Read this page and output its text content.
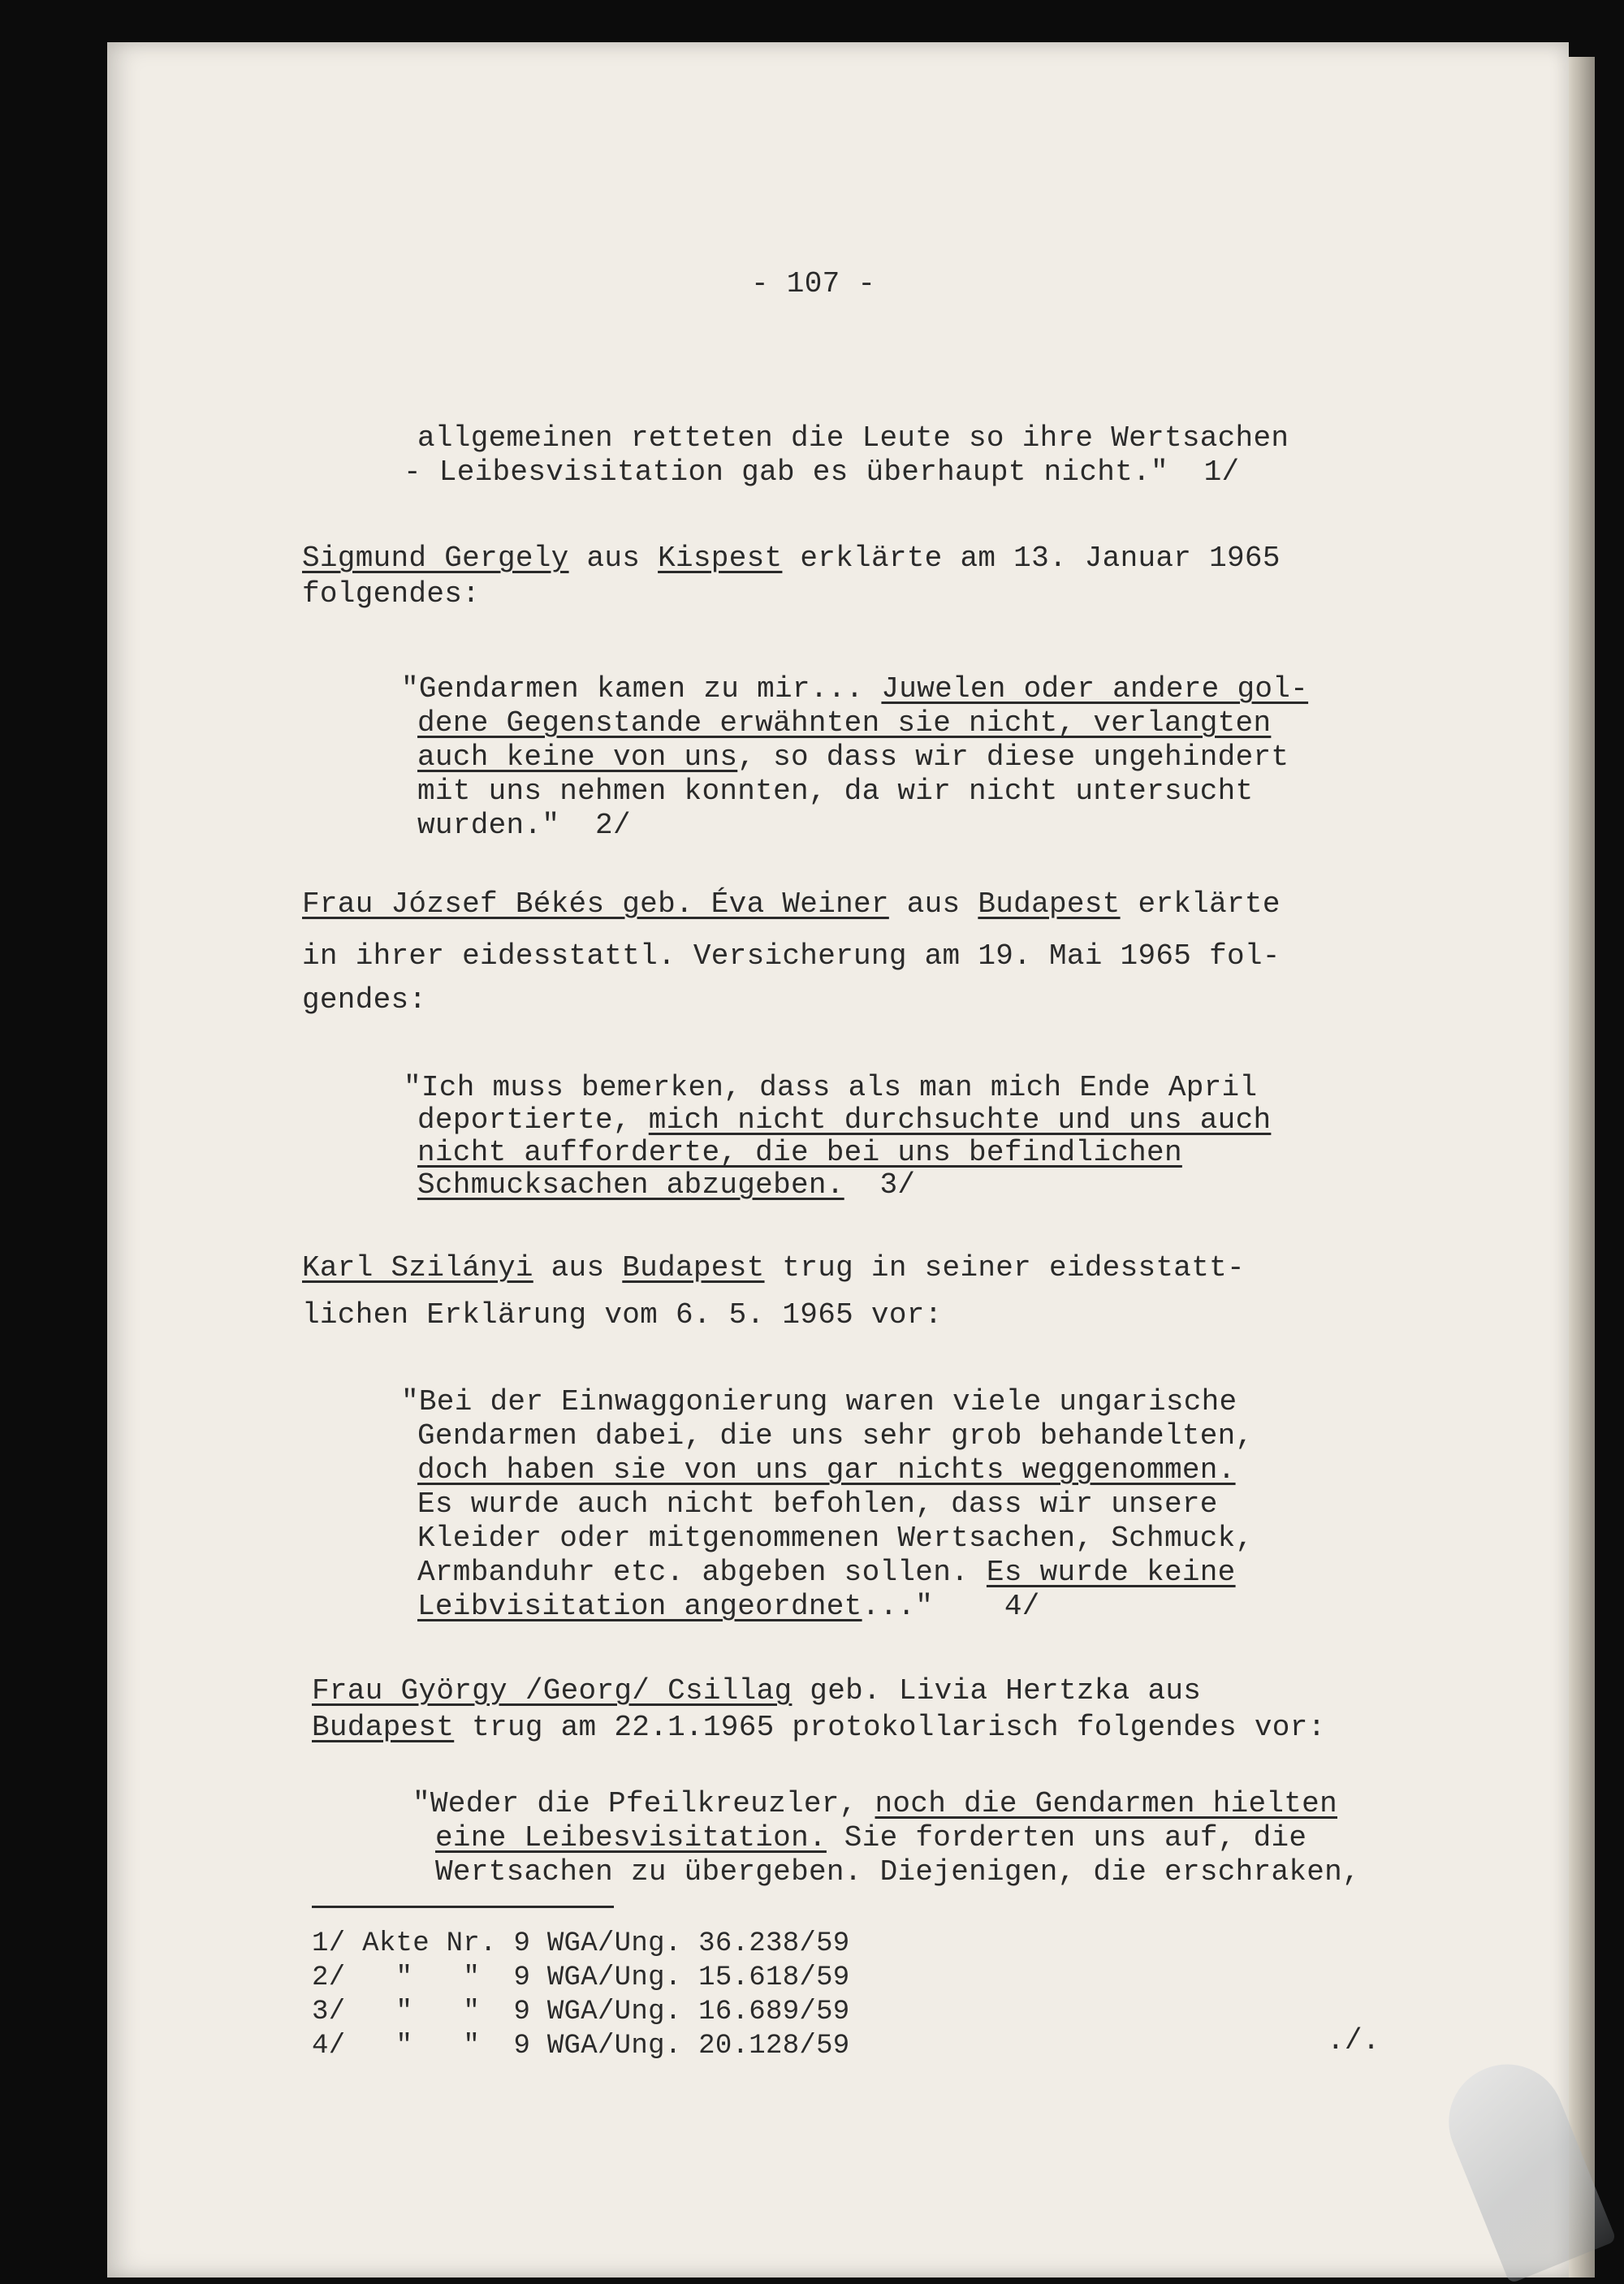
- 107 -
allgemeinen retteten die Leute so ihre Wertsachen
- Leibesvisitation gab es überhaupt nicht."  1/
Sigmund Gergely aus Kispest erklärte am 13. Januar 1965
folgendes:
"Gendarmen kamen zu mir... Juwelen oder andere gol-
dene Gegenstande erwähnten sie nicht, verlangten
auch keine von uns, so dass wir diese ungehindert
mit uns nehmen konnten, da wir nicht untersucht
wurden."  2/
Frau József Békés geb. Éva Weiner aus Budapest erklärte
in ihrer eidesstattl. Versicherung am 19. Mai 1965 fol-
gendes:
"Ich muss bemerken, dass als man mich Ende April
deportierte, mich nicht durchsuchte und uns auch
nicht aufforderte, die bei uns befindlichen
Schmucksachen abzugeben.  3/
Karl Szilányi aus Budapest trug in seiner eidesstatt-
lichen Erklärung vom 6. 5. 1965 vor:
"Bei der Einwaggonierung waren viele ungarische
Gendarmen dabei, die uns sehr grob behandelten,
doch haben sie von uns gar nichts weggenommen.
Es wurde auch nicht befohlen, dass wir unsere
Kleider oder mitgenommenen Wertsachen, Schmuck,
Armbanduhr etc. abgeben sollen. Es wurde keine
Leibvisitation angeordnet..."    4/
Frau György /Georg/ Csillag geb. Livia Hertzka aus
Budapest trug am 22.1.1965 protokollarisch folgendes vor:
"Weder die Pfeilkreuzler, noch die Gendarmen hielten
eine Leibesvisitation. Sie forderten uns auf, die
Wertsachen zu übergeben. Diejenigen, die erschraken,
1/ Akte Nr. 9 WGA/Ung. 36.238/59
2/   "   "  9 WGA/Ung. 15.618/59
3/   "   "  9 WGA/Ung. 16.689/59
4/   "   "  9 WGA/Ung. 20.128/59	./.
